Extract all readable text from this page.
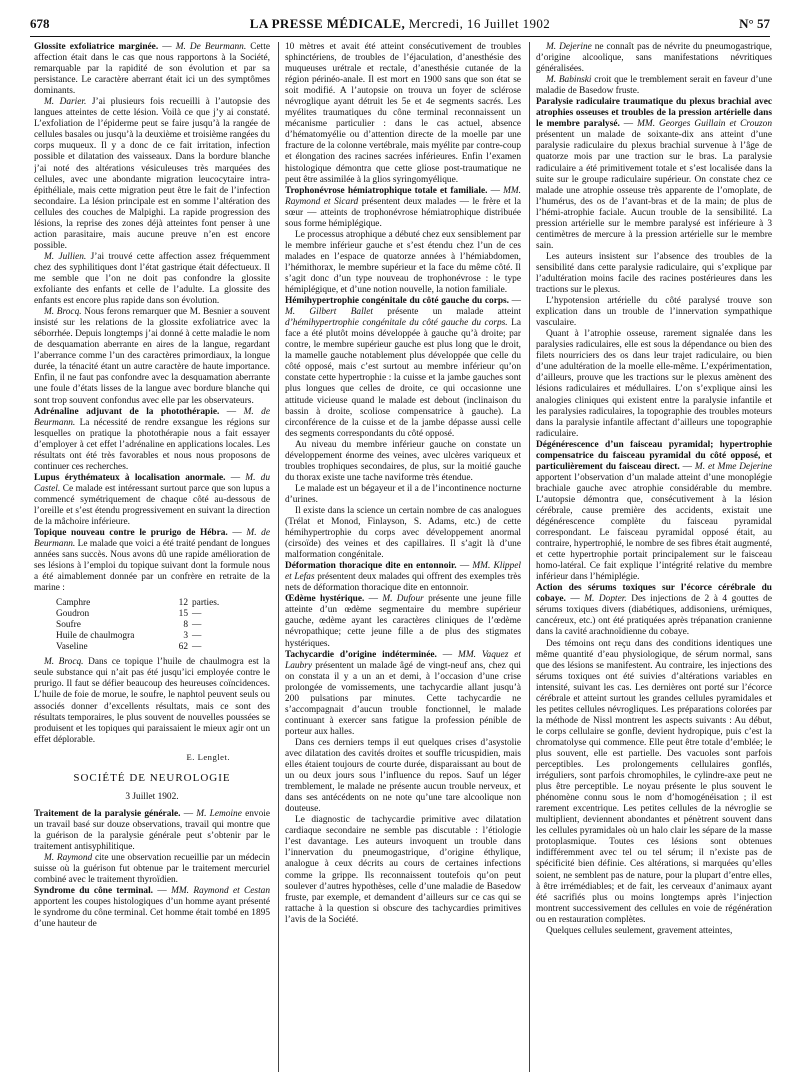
678	LA PRESSE MÉDICALE, Mercredi, 16 Juillet 1902	N° 57

Glossite exfoliatrice marginée. — M. De Beurmann. Cette affection était dans le cas que nous rapportons à la Société, remarquable par la rapidité de son évolution et par sa persistance. Le caractère aberrant était ici un des symptômes dominants.

M. Darier. J’ai plusieurs fois recueilli à l’autopsie des langues atteintes de cette lésion. Voilà ce que j’y ai constaté. L’exfoliation de l’épiderme peut se faire jusqu’à la rangée de cellules basales ou jusqu’à la deuxième et troisième rangées du corps muqueux. Il y a donc de ce fait irritation, infection possible et dilatation des vaisseaux. Dans la bordure blanche j’ai noté des altérations vésiculeuses très marquées des cellules, avec une abondante migration leucocytaire intra-épithéliale, mais cette migration peut être le fait de l’infection secondaire. La lésion principale est en somme l’altération des cellules des couches de Malpighi. La rapide progression des lésions, la reprise des zones déjà atteintes font penser à une action parasitaire, mais aucune preuve n’en est encore possible.

M. Jullien. J’ai trouvé cette affection assez fréquemment chez des syphilitiques dont l’état gastrique était défectueux. Il me semble que l’on ne doit pas confondre la glossite exfoliante des enfants et celle de l’adulte. La glossite des enfants est encore plus rapide dans son évolution.

M. Brocq. Nous ferons remarquer que M. Besnier a souvent insisté sur les relations de la glossite exfoliatrice avec la séborrhée. Depuis longtemps j’ai donné à cette maladie le nom de desquamation aberrante en aires de la langue, regardant l’aberrance comme l’un des caractères primordiaux, la longue durée, la ténacité étant un autre caractère de haute importance. Enfin, il ne faut pas confondre avec la desquamation aberrante une foule d’états lisses de la langue avec bordure blanche qui sont trop souvent confondus avec elle par les observateurs.

Adrénaline adjuvant de la photothérapie. — M. de Beurmann. La nécessité de rendre exsangue les régions sur lesquelles on pratique la photothérapie nous a fait essayer d’employer à cet effet l’adrénaline en applications locales. Les résultats ont été très favorables et nous nous proposons de continuer ces recherches.

Lupus érythémateux à localisation anormale. — M. du Castel. Ce malade est intéressant surtout parce que son lupus a commencé symétriquement de chaque côté au-dessous de l’oreille et s’est étendu progressivement en suivant la direction de la mâchoire inférieure.

Topique nouveau contre le prurigo de Hébra. — M. de Beurmann. Le malade que voici a été traité pendant de longues années sans succès. Nous avons dû une rapide amélioration de ses lésions à l’emploi du topique suivant dont la formule nous a été aimablement donnée par un confrère en retraite de la marine :

Camphre	12	parties.
Goudron	15	—
Soufre	8	—
Huile de chaulmogra	3	—
Vaseline	62	—

M. Brocq. Dans ce topique l’huile de chaulmogra est la seule substance qui n’ait pas été jusqu’ici employée contre le prurigo. Il faut se défier beaucoup des heureuses coïncidences. L’huile de foie de morue, le soufre, le naphtol peuvent seuls ou associés donner d’excellents résultats, mais ce sont des résultats temporaires, le plus souvent de nouvelles poussées se produisent et les topiques qui paraissaient le mieux agir ont un effet déplorable.

E. Lenglet.
SOCIÉTÉ DE NEUROLOGIE
3 Juillet 1902.

Traitement de la paralysie générale. — M. Lemoine envoie un travail basé sur douze observations, travail qui montre que la guérison de la paralysie générale peut s’obtenir par le traitement antisyphilitique.

M. Raymond cite une observation recueillie par un médecin suisse où la guérison fut obtenue par le traitement mercuriel combiné avec le traitement thyroïdien.

Syndrome du cône terminal. — MM. Raymond et Cestan apportent les coupes histologiques d’un homme ayant présenté le syndrome du cône terminal. Cet homme était tombé en 1895 d’une hauteur de

10 mètres et avait été atteint consécutivement de troubles sphinctériens, de troubles de l’éjaculation, d’anesthésie des muqueuses urétrale et rectale, d’anesthésie cutanée de la région périnéo-anale. Il est mort en 1900 sans que son état se soit modifié. A l’autopsie on trouva un foyer de sclérose névroglique ayant détruit les 5e et 4e segments sacrés. Les myélites traumatiques du cône terminal reconnaissent un mécanisme particulier : dans le cas actuel, absence d’hématomyélie ou d’attention directe de la moelle par une fracture de la colonne vertébrale, mais myélite par contre-coup et élongation des racines sacrées inférieures. Enfin l’examen histologique démontra que cette gliose post-traumatique ne peut être assimilée à la glios syringomyélique.

Trophonévrose hémiatrophique totale et familiale. — MM. Raymond et Sicard présentent deux malades — le frère et la sœur — atteints de trophonévrose hémiatrophique distribuée sous forme hémiplégique.

Le processus atrophique a débuté chez eux sensiblement par le membre inférieur gauche et s’est étendu chez l’un de ces malades en l’espace de quatorze années à l’hémiabdomen, l’hémithorax, le membre supérieur et la face du même côté. Il s’agit donc d’un type nouveau de trophonévrose : le type hémiplégique, et d’une notion nouvelle, la notion familiale.

Hémihypertrophie congénitale du côté gauche du corps. — M. Gilbert Ballet présente un malade atteint d’hémihypertrophie congénitale du côté gauche du corps. La face a été plutôt moins développée à gauche qu’à droite; par contre, le membre supérieur gauche est plus long que le droit, la mamelle gauche notablement plus développée que celle du côté opposé, mais c’est surtout au membre inférieur qu’on constate cette hypertrophie : la cuisse et la jambe gauches sont plus longues que celles de droite, ce qui occasionne une attitude vicieuse quand le malade est debout (inclinaison du bassin à droite, scoliose compensatrice à gauche). La circonférence de la cuisse et de la jambe dépasse aussi celle des segments correspondants du côté opposé.

Au niveau du membre inférieur gauche on constate un développement énorme des veines, avec ulcères variqueux et troubles trophiques secondaires, de plus, sur la moitié gauche du thorax existe une tache naviforme très étendue.

Le malade est un bégayeur et il a de l’incontinence nocturne d’urines.

Il existe dans la science un certain nombre de cas analogues (Trélat et Monod, Finlayson, S. Adams, etc.) de cette hémihypertrophie du corps avec développement anormal (cirsoïde) des veines et des capillaires. Il s’agit là d’une malformation congénitale.

Déformation thoracique dite en entonnoir. — MM. Klippel et Lefas présentent deux malades qui offrent des exemples très nets de déformation thoracique dite en entonnoir.

Œdème hystérique. — M. Dufour présente une jeune fille atteinte d’un œdème segmentaire du membre supérieur gauche, œdème ayant les caractères cliniques de l’œdème névropathique; cette jeune fille a de plus des stigmates hystériques.

Tachycardie d’origine indéterminée. — MM. Vaquez et Laubry présentent un malade âgé de vingt-neuf ans, chez qui on constata il y a un an et demi, à l’occasion d’une crise prolongée de vomissements, une tachycardie allant jusqu’à 200 pulsations par minutes. Cette tachycardie ne s’accompagnait d’aucun trouble fonctionnel, le malade continuant à exercer sans fatigue la profession pénible de porteur aux halles.

Dans ces derniers temps il eut quelques crises d’asystolie avec dilatation des cavités droites et souffle tricuspidien, mais elles étaient toujours de courte durée, disparaissant au bout de un ou deux jours sous l’influence du repos. Sauf un léger tremblement, le malade ne présente aucun trouble nerveux, et dans ses antécédents on ne note qu’une tare alcoolique non douteuse.

Le diagnostic de tachycardie primitive avec dilatation cardiaque secondaire ne semble pas discutable : l’étiologie l’est davantage. Les auteurs invoquent un trouble dans l’innervation du pneumogastrique, d’origine éthylique, analogue à ceux décrits au cours de certaines infections comme la grippe. Ils reconnaissent toutefois qu’on peut soulever d’autres hypothèses, celle d’une maladie de Basedow fruste, par exemple, et demandent d’ailleurs sur ce cas qui se rattache à la question si obscure des tachycardies primitives l’avis de la Société.

M. Dejerine ne connaît pas de névrite du pneumogastrique, d’origine alcoolique, sans manifestations névritiques généralisées.

M. Babinski croit que le tremblement serait en faveur d’une maladie de Basedow fruste.

Paralysie radiculaire traumatique du plexus brachial avec atrophies osseuses et troubles de la pression artérielle dans le membre paralysé. — MM. Georges Guillain et Crouzon présentent un malade de soixante-dix ans atteint d’une paralysie radiculaire du plexus brachial survenue à l’âge de quatorze mois par une traction sur le bras. La paralysie radiculaire a été primitivement totale et s’est localisée dans la suite sur le groupe radiculaire supérieur. On constate chez ce malade une atrophie osseuse très apparente de l’omoplate, de l’humérus, des os de l’avant-bras et de la main; de plus de l’hémi-atrophie faciale. Aucun trouble de la sensibilité. La pression artérielle sur le membre paralysé est inférieure à 3 centimètres de mercure à la pression artérielle sur le membre sain.

Les auteurs insistent sur l’absence des troubles de la sensibilité dans cette paralysie radiculaire, qui s’explique par l’adultération moins facile des racines postérieures dans les tractions sur le plexus.

L’hypotension artérielle du côté paralysé trouve son explication dans un trouble de l’innervation sympathique vasculaire.

Quant à l’atrophie osseuse, rarement signalée dans les paralysies radiculaires, elle est sous la dépendance ou bien des filets nourriciers des os dans leur trajet radiculaire, ou bien d’une adultération de la moelle elle-même. L’expérimentation, d’ailleurs, prouve que les tractions sur le plexus amènent des lésions radiculaires et médullaires. L’on s’explique ainsi les analogies cliniques qui existent entre la paralysie infantile et les paralysies radiculaires, la topographie des troubles moteurs dans la paralysie infantile affectant d’ailleurs une topographie radiculaire.

Dégénérescence d’un faisceau pyramidal; hypertrophie compensatrice du faisceau pyramidal du côté opposé, et particulièrement du faisceau direct. — M. et Mme Dejerine apportent l’observation d’un malade atteint d’une monoplégie brachiale gauche avec atrophie considérable du membre. L’autopsie démontra que, consécutivement à la lésion cérébrale, cause première des accidents, existait une dégénérescence complète du faisceau pyramidal correspondant. Le faisceau pyramidal opposé était, au contraire, hypertrophié, le nombre de ses fibres était augmenté, et cette hypertrophie portait principalement sur le faisceau homo-latéral. Ce fait explique l’intégrité relative du membre inférieur dans l’hémiplégie.

Action des sérums toxiques sur l’écorce cérébrale du cobaye. — M. Dopter. Des injections de 2 à 4 gouttes de sérums toxiques divers (diabétiques, addisoniens, urémiques, cancéreux, etc.) ont été pratiquées après trépanation cranienne dans la cavité arachnoïdienne du cobaye.

Des témoins ont reçu dans des conditions identiques une même quantité d’eau physiologique, de sérum normal, sans que des lésions se manifestent. Au contraire, les injections des sérums toxiques ont été suivies d’altérations variables en intensité, suivant les cas. Les dernières ont porté sur l’écorce cérébrale et atteint surtout les grandes cellules pyramidales et les petites cellules névrogliques. Les préparations colorées par la méthode de Nissl montrent les aspects suivants : Au début, le corps cellulaire se gonfle, devient hydropique, puis c’est la chromatolyse qui commence. Elle peut être totale d’emblée; le plus souvent, elle est partielle. Des vacuoles sont parfois perceptibles. Les prolongements cellulaires gonflés, irréguliers, sont parfois chromophiles, le cylindre-axe peut ne plus être perceptible. Le noyau présente le plus souvent le phénomène connu sous le nom d’homogénéisation ; il est rarement excentrique. Les petites cellules de la névroglie se multiplient, deviennent abondantes et pénètrent souvent dans les cellules pyramidales où un halo clair les sépare de la masse protoplasmique. Toutes ces lésions sont obtenues indifféremment avec tel ou tel sérum; il n’existe pas de spécificité bien définie. Ces altérations, si marquées qu’elles soient, ne semblent pas de nature, pour la plupart d’entre elles, à être irrémédiables; et de fait, les cerveaux d’animaux ayant été sacrifiés plus ou moins longtemps après l’injection montrent successivement des cellules en voie de régénération ou en restauration complètes.

Quelques cellules seulement, gravement atteintes,
